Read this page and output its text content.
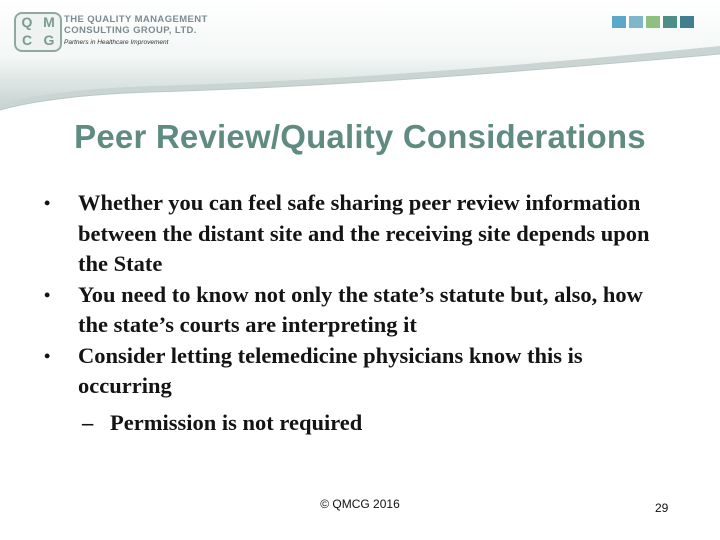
Q M
C G
THE QUALITY MANAGEMENT
CONSULTING GROUP, LTD.
Partners in Healthcare Improvement
Peer Review/Quality Considerations
• Whether you can feel safe sharing peer review information between the distant site and the receiving site depends upon the State
• You need to know not only the state’s statute but, also, how the state’s courts are interpreting it
• Consider letting telemedicine physicians know this is occurring
– Permission is not required
© QMCG 2016	29
